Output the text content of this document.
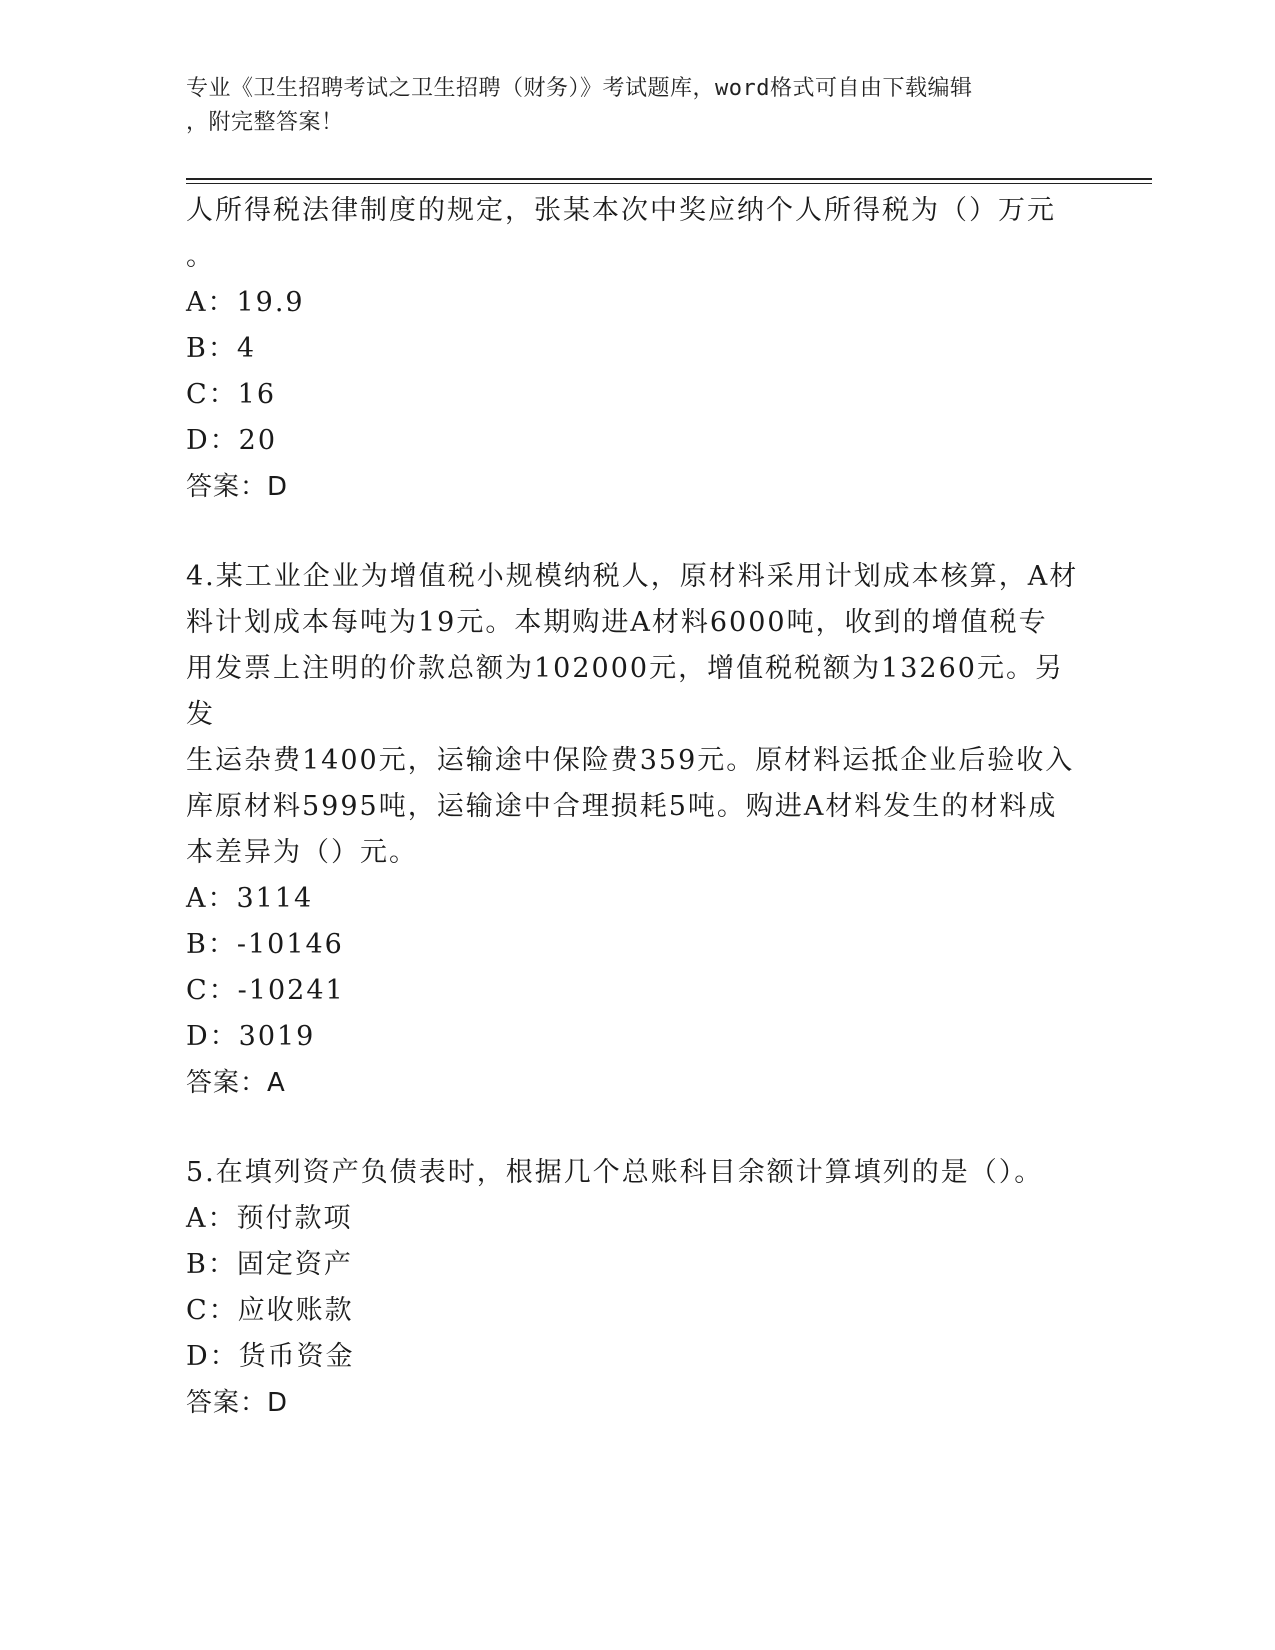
专业《卫生招聘考试之卫生招聘（财务）》考试题库，word格式可自由下载编辑
，附完整答案！

人所得税法律制度的规定，张某本次中奖应纳个人所得税为（）万元

。

A：19.9

B：4

C：16

D：20

答案：D

4.某工业企业为增值税小规模纳税人，原材料采用计划成本核算，A材

料计划成本每吨为19元。本期购进A材料6000吨，收到的增值税专

用发票上注明的价款总额为102000元，增值税税额为13260元。另发

生运杂费1400元，运输途中保险费359元。原材料运抵企业后验收入

库原材料5995吨，运输途中合理损耗5吨。购进A材料发生的材料成

本差异为（）元。

A：3114

B：-10146

C：-10241

D：3019

答案：A

5.在填列资产负债表时，根据几个总账科目余额计算填列的是（）。

A：预付款项

B：固定资产

C：应收账款

D：货币资金

答案：D
